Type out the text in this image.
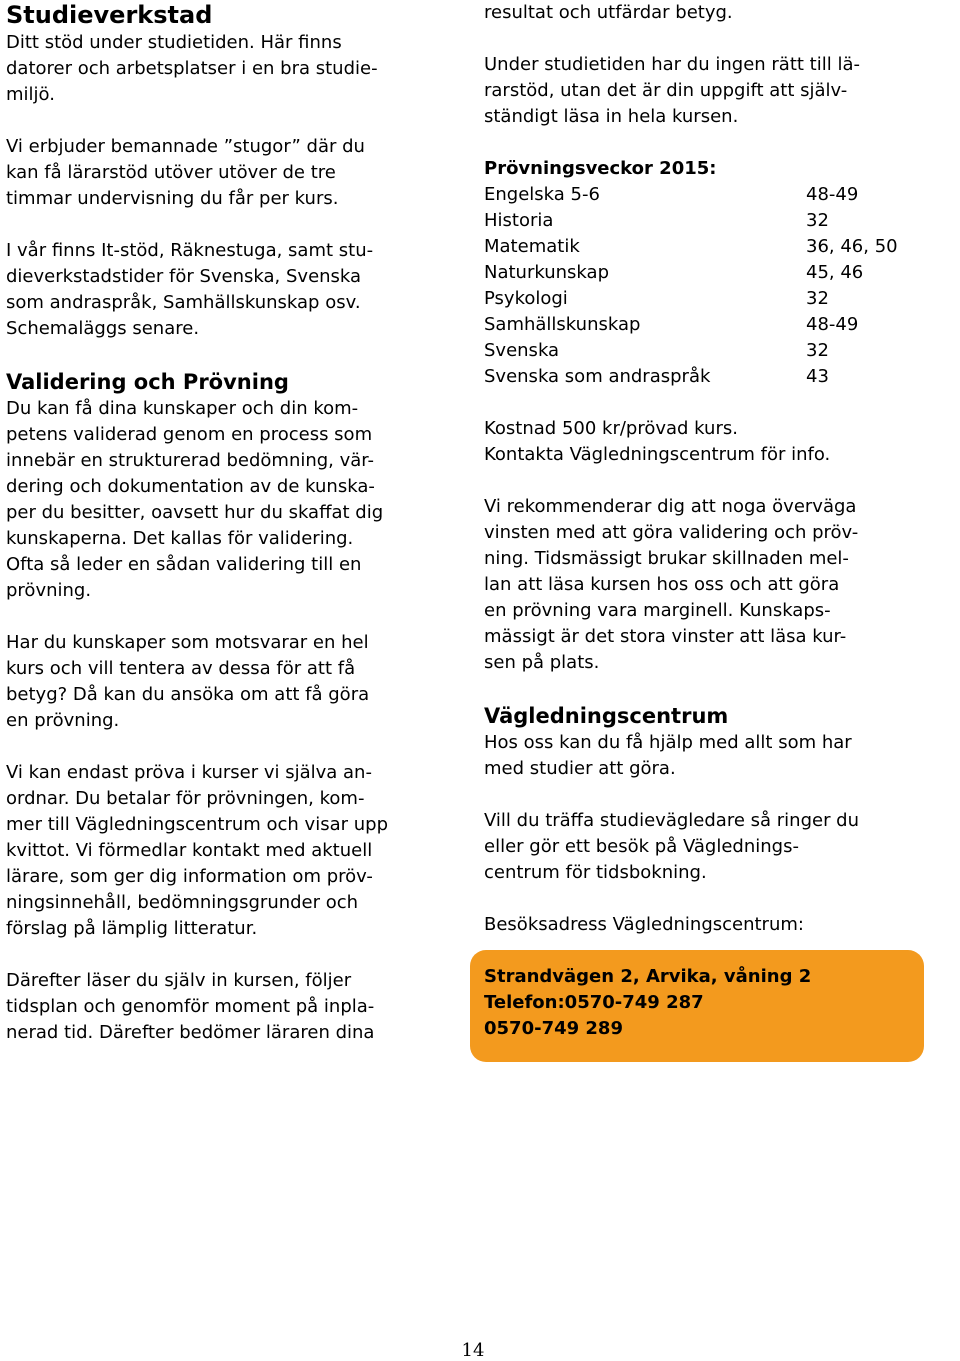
Studieverkstad

Ditt stöd under studietiden. Här finns
datorer och arbetsplatser i en bra studie-
miljö.

Vi erbjuder bemannade ”stugor” där du
kan få lärarstöd utöver utöver de tre
timmar undervisning du får per kurs.

I vår finns It-stöd, Räknestuga, samt stu-
dieverkstadstider för Svenska, Svenska
som andraspråk, Samhällskunskap osv.
Schemaläggs senare.

Validering och Prövning

Du kan få dina kunskaper och din kom-
petens validerad genom en process som
innebär en strukturerad bedömning, vär-
dering och dokumentation av de kunska-
per du besitter, oavsett hur du skaffat dig
kunskaperna. Det kallas för validering.
Ofta så leder en sådan validering till en
prövning.

Har du kunskaper som motsvarar en hel
kurs och vill tentera av dessa för att få
betyg? Då kan du ansöka om att få göra
en prövning.

Vi kan endast pröva i kurser vi själva an-
ordnar. Du betalar för prövningen, kom-
mer till Vägledningscentrum och visar upp
kvittot. Vi förmedlar kontakt med aktuell
lärare, som ger dig information om pröv-
ningsinnehåll, bedömningsgrunder och
förslag på lämplig litteratur.

Därefter läser du själv in kursen, följer
tidsplan och genomför moment på inpla-
nerad tid. Därefter bedömer läraren dina

resultat och utfärdar betyg.

Under studietiden har du ingen rätt till lä-
rarstöd, utan det är din uppgift att själv-
ständigt läsa in hela kursen.

Prövningsveckor 2015:
Engelska 5-6	48-49
Historia	32
Matematik	36, 46, 50
Naturkunskap	45, 46
Psykologi	32
Samhällskunskap	48-49
Svenska	32
Svenska som andraspråk	43

Kostnad 500 kr/prövad kurs.
Kontakta Vägledningscentrum för info.

Vi rekommenderar dig att noga överväga
vinsten med att göra validering och pröv-
ning. Tidsmässigt brukar skillnaden mel-
lan att läsa kursen hos oss och att göra
en prövning vara marginell. Kunskaps-
mässigt är det stora vinster att läsa kur-
sen på plats.

Vägledningscentrum

Hos oss kan du få hjälp med allt som har
med studier att göra.

Vill du träffa studievägledare så ringer du
eller gör ett besök på Väglednings-
centrum för tidsbokning.

Besöksadress Vägledningscentrum:

Strandvägen 2, Arvika, våning 2

Telefon:0570-749 287

0570-749 289

14
